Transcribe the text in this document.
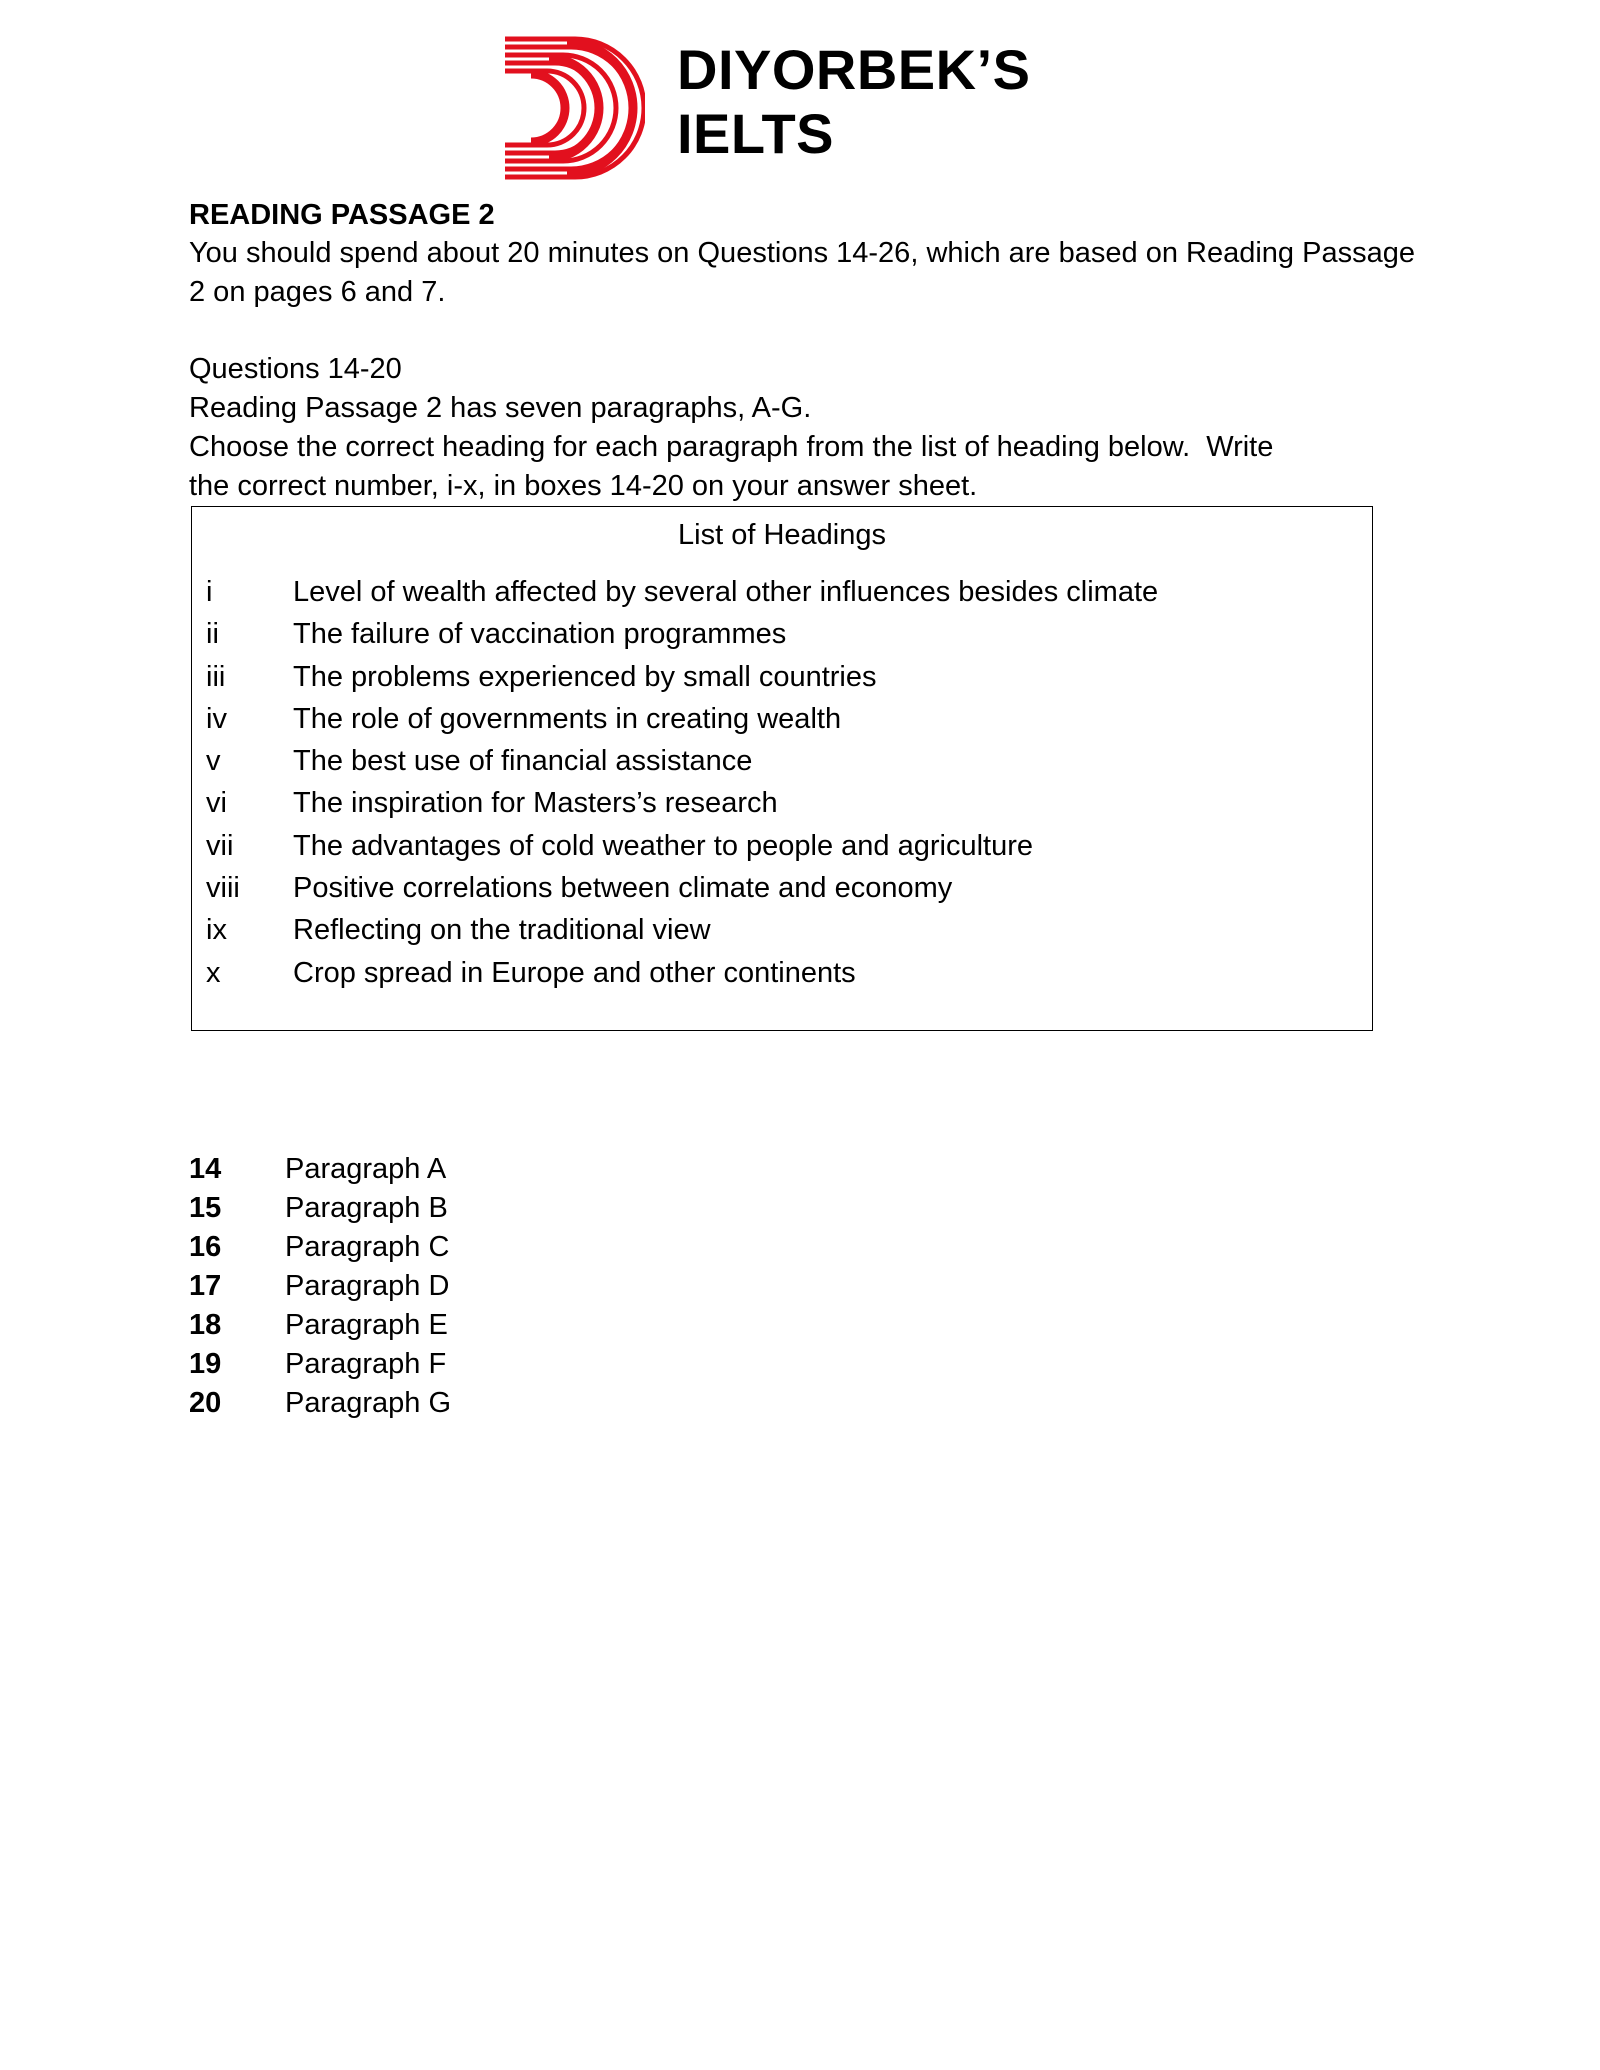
DIYORBEK’S
IELTS
READING PASSAGE 2
You should spend about 20 minutes on Questions 14-26, which are based on Reading Passage 2 on pages 6 and 7.
Questions 14-20
Reading Passage 2 has seven paragraphs, A-G.
Choose the correct heading for each paragraph from the list of heading below.  Write
the correct number, i-x, in boxes 14-20 on your answer sheet.
List of Headings
i	Level of wealth affected by several other influences besides climate
ii	The failure of vaccination programmes
iii The problems experienced by small countries
iv The role of governments in creating wealth
v	The best use of financial assistance
vi The inspiration for Masters’s research
vii The advantages of cold weather to people and agriculture
viii Positive correlations between climate and economy
ix Reflecting on the traditional view
x	Crop spread in Europe and other continents
14 Paragraph A
15 Paragraph B
16 Paragraph C
17 Paragraph D
18 Paragraph E
19 Paragraph F
20 Paragraph G
